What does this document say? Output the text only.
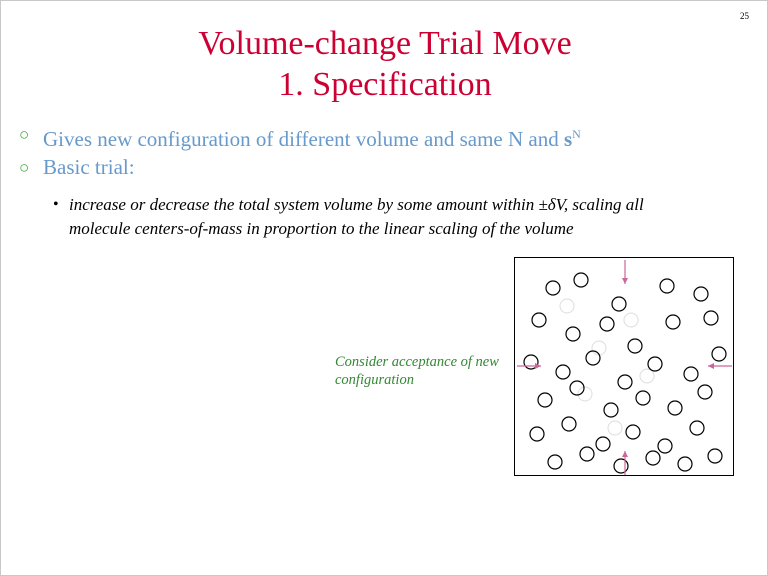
25
Volume-change Trial Move
1. Specification
○ Gives new configuration of different volume and same N and $s^N$
○ Basic trial:
• increase or decrease the total system volume by some amount within ±δV, scaling all molecule centers-of-mass in proportion to the linear scaling of the volume
Consider acceptance of new configuration
